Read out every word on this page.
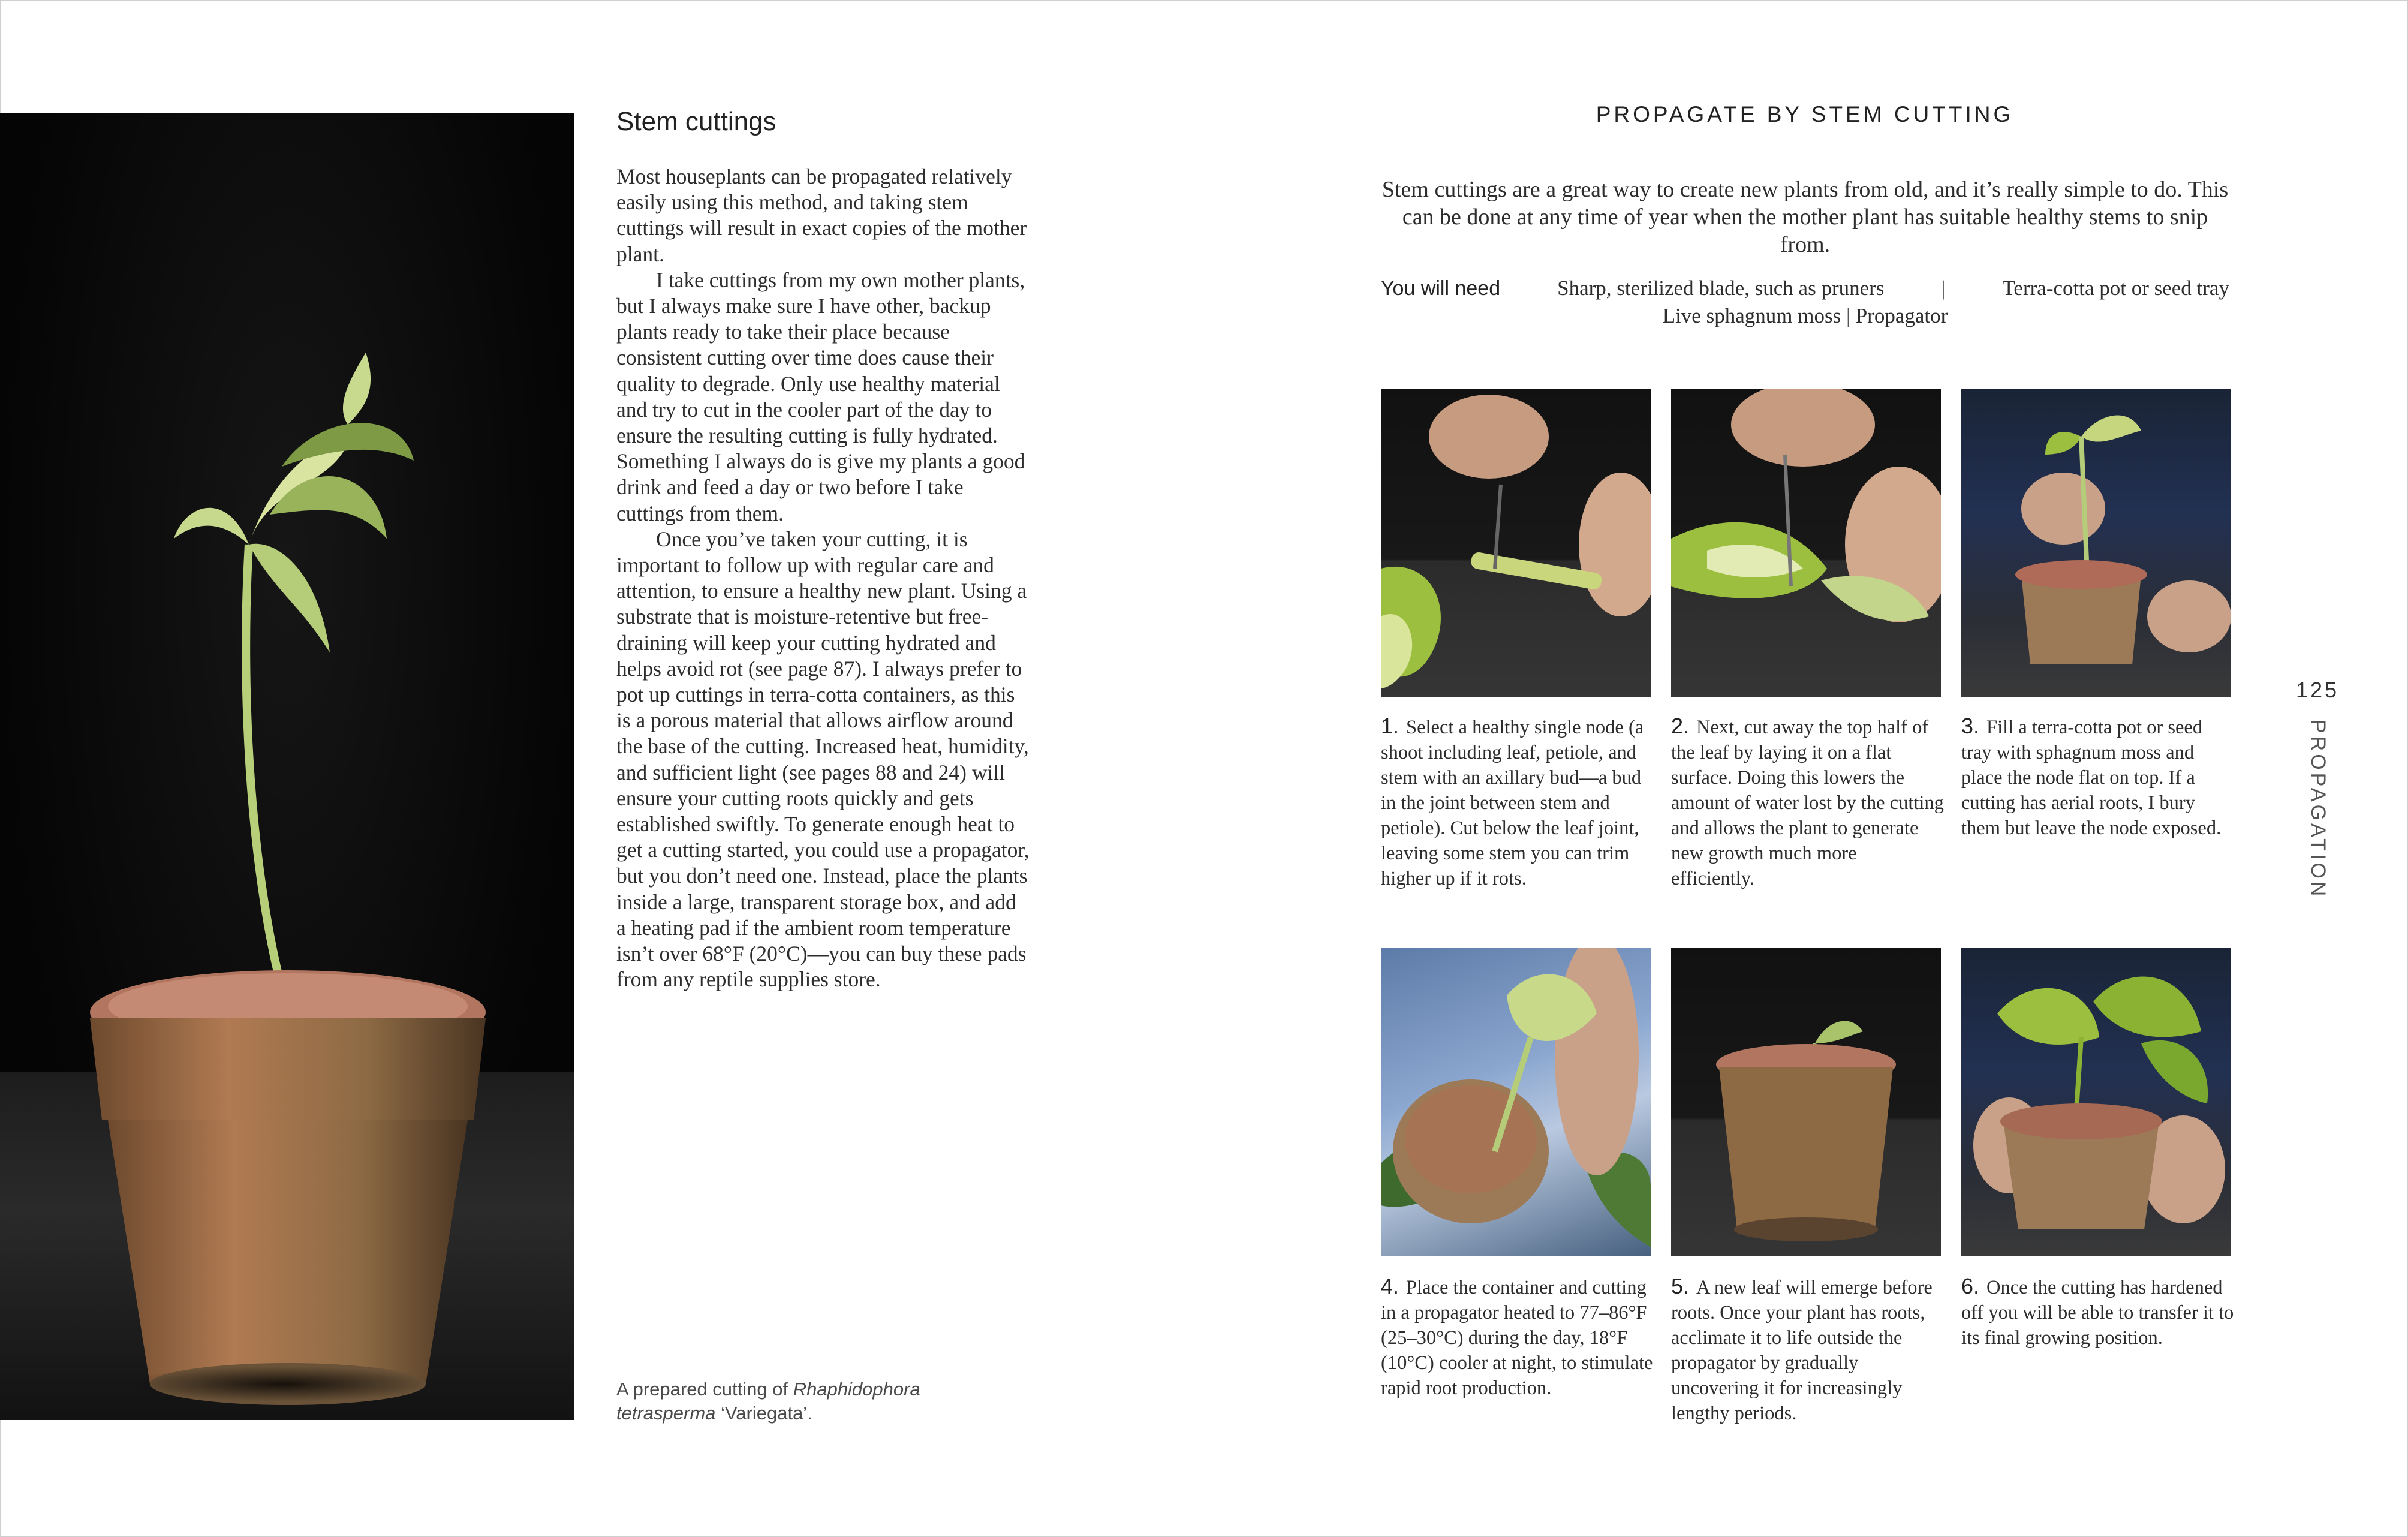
Stem cuttings

Most houseplants can be propagated relatively easily using this method, and taking stem cuttings will result in exact copies of the mother plant.

I take cuttings from my own mother plants, but I always make sure I have other, backup plants ready to take their place because consistent cutting over time does cause their quality to degrade. Only use healthy material and try to cut in the cooler part of the day to ensure the resulting cutting is fully hydrated. Something I always do is give my plants a good drink and feed a day or two before I take cuttings from them.

Once you’ve taken your cutting, it is important to follow up with regular care and attention, to ensure a healthy new plant. Using a substrate that is moisture-retentive but free-draining will keep your cutting hydrated and helps avoid rot (see page 87). I always prefer to pot up cuttings in terra-cotta containers, as this is a porous material that allows airflow around the base of the cutting. Increased heat, humidity, and sufficient light (see pages 88 and 24) will ensure your cutting roots quickly and gets established swiftly. To generate enough heat to get a cutting started, you could use a propagator, but you don’t need one. Instead, place the plants inside a large, transparent storage box, and add a heating pad if the ambient room temperature isn’t over 68°F (20°C)—you can buy these pads from any reptile supplies store.

A prepared cutting of Rhaphidophora tetrasperma ‘Variegata’.
PROPAGATE BY STEM CUTTING

Stem cuttings are a great way to create new plants from old, and it’s really simple to do. This can be done at any time of year when the mother plant has suitable healthy stems to snip from.

You will need	Sharp, sterilized blade, such as pruners	|	Terra-cotta pot or seed tray
Live sphagnum moss | Propagator

1. Select a healthy single node (a shoot including leaf, petiole, and stem with an axillary bud—a bud in the joint between stem and petiole). Cut below the leaf joint, leaving some stem you can trim higher up if it rots.

2. Next, cut away the top half of the leaf by laying it on a flat surface. Doing this lowers the amount of water lost by the cutting and allows the plant to generate new growth much more efficiently.

3. Fill a terra-cotta pot or seed tray with sphagnum moss and place the node flat on top. If a cutting has aerial roots, I bury them but leave the node exposed.

4. Place the container and cutting in a propagator heated to 77–86°F (25–30°C) during the day, 18°F (10°C) cooler at night, to stimulate rapid root production.

5. A new leaf will emerge before roots. Once your plant has roots, acclimate it to life outside the propagator by gradually uncovering it for increasingly lengthy periods.

6. Once the cutting has hardened off you will be able to transfer it to its final growing position.

125
PROPAGATION
